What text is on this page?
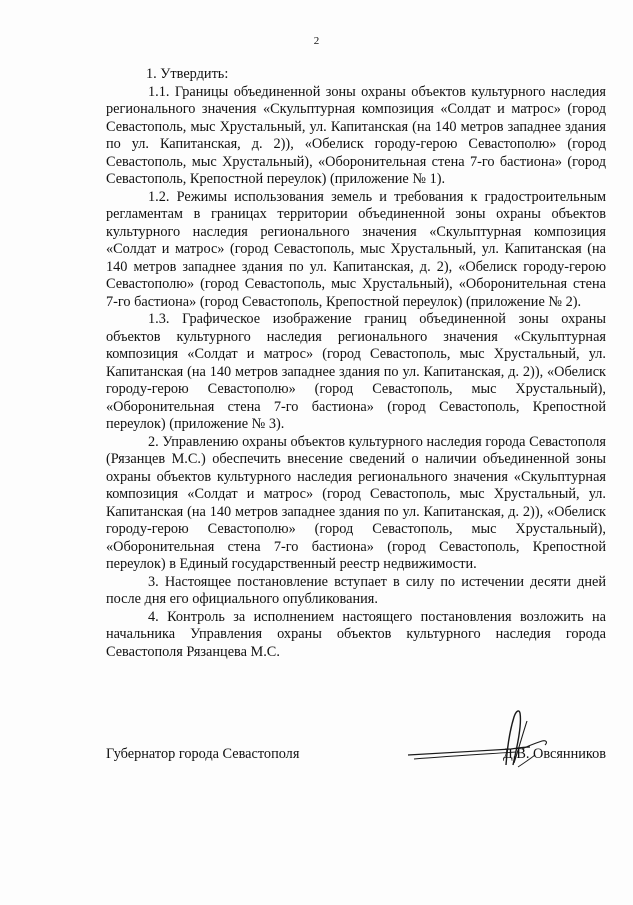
2

1. Утвердить:

1.1. Границы объединенной зоны охраны объектов культурного наследия регионального значения «Скульптурная композиция «Солдат и матрос» (город Севастополь, мыс Хрустальный, ул. Капитанская (на 140 метров западнее здания по ул. Капитанская, д. 2)), «Обелиск городу-герою Севастополю» (город Севастополь, мыс Хрустальный), «Оборонительная стена 7-го бастиона» (город Севастополь, Крепостной переулок) (приложение № 1).

1.2. Режимы использования земель и требования к градостроительным регламентам в границах территории объединенной зоны охраны объектов культурного наследия регионального значения «Скульптурная композиция «Солдат и матрос» (город Севастополь, мыс Хрустальный, ул. Капитанская (на 140 метров западнее здания по ул. Капитанская, д. 2), «Обелиск городу-герою Севастополю» (город Севастополь, мыс Хрустальный), «Оборонительная стена 7-го бастиона» (город Севастополь, Крепостной переулок) (приложение № 2).

1.3. Графическое изображение границ объединенной зоны охраны объектов культурного наследия регионального значения «Скульптурная композиция «Солдат и матрос» (город Севастополь, мыс Хрустальный, ул. Капитанская (на 140 метров западнее здания по ул. Капитанская, д. 2)), «Обелиск городу-герою Севастополю» (город Севастополь, мыс Хрустальный), «Оборонительная стена 7-го бастиона» (город Севастополь, Крепостной переулок) (приложение № 3).

2. Управлению охраны объектов культурного наследия города Севастополя (Рязанцев М.С.) обеспечить внесение сведений о наличии объединенной зоны охраны объектов культурного наследия регионального значения «Скульптурная композиция «Солдат и матрос» (город Севастополь, мыс Хрустальный, ул. Капитанская (на 140 метров западнее здания по ул. Капитанская, д. 2)), «Обелиск городу-герою Севастополю» (город Севастополь, мыс Хрустальный), «Оборонительная стена 7-го бастиона» (город Севастополь, Крепостной переулок) в Единый государственный реестр недвижимости.

3. Настоящее постановление вступает в силу по истечении десяти дней после дня его официального опубликования.

4. Контроль за исполнением настоящего постановления возложить на начальника Управления охраны объектов культурного наследия города Севастополя Рязанцева М.С.

Губернатор города Севастополя	Д.В. Овсянников
